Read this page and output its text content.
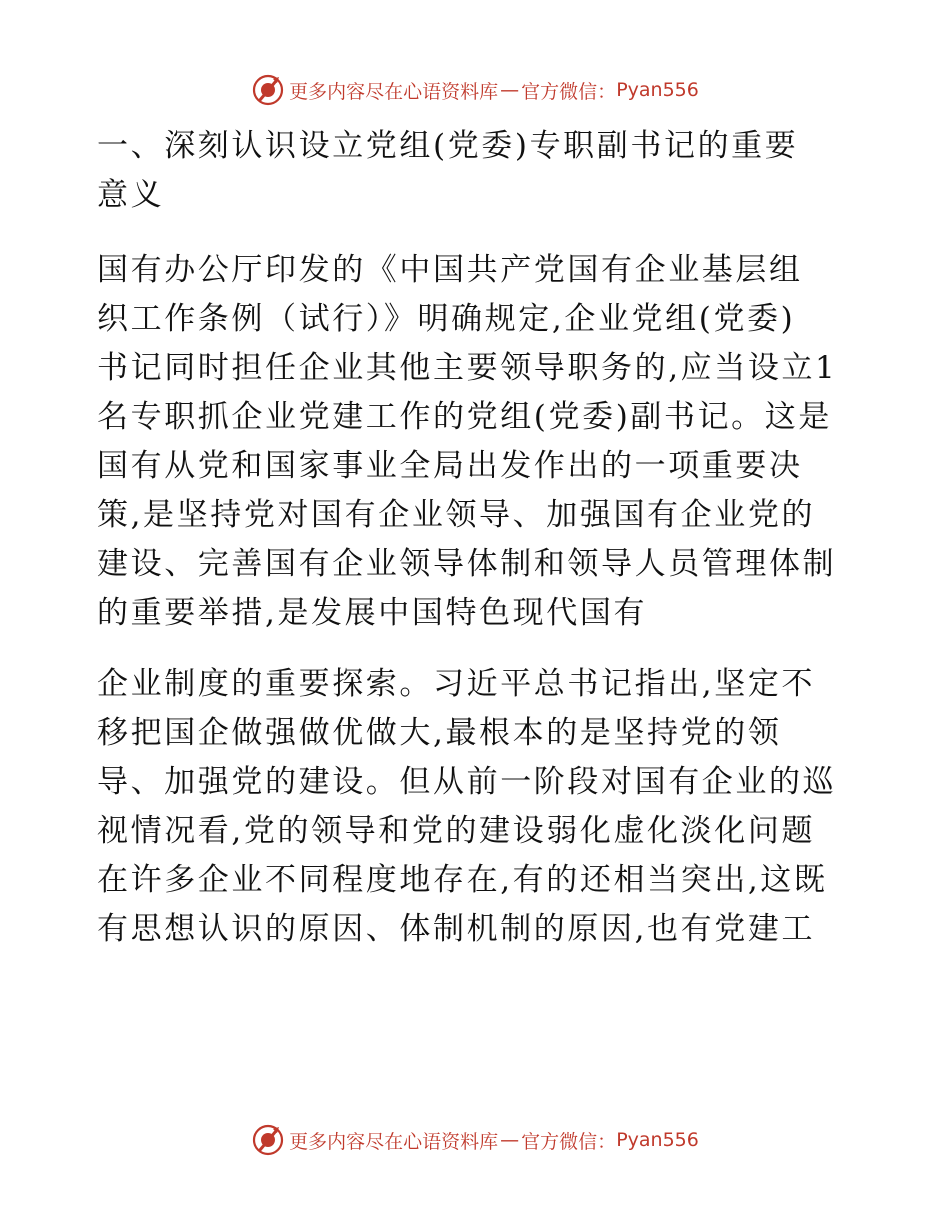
更多内容尽在心语资料库 — 官方微信： Pyan556
一、深刻认识设立党组(党委)专职副书记的重要
意义
国有办公厅印发的《中国共产党国有企业基层组
织工作条例（试行）》明确规定,企业党组(党委)
书记同时担任企业其他主要领导职务的,应当设立1
名专职抓企业党建工作的党组(党委)副书记。这是
国有从党和国家事业全局出发作出的一项重要决
策,是坚持党对国有企业领导、加强国有企业党的
建设、完善国有企业领导体制和领导人员管理体制
的重要举措,是发展中国特色现代国有
企业制度的重要探索。习近平总书记指出,坚定不
移把国企做强做优做大,最根本的是坚持党的领
导、加强党的建设。但从前一阶段对国有企业的巡
视情况看,党的领导和党的建设弱化虚化淡化问题
在许多企业不同程度地存在,有的还相当突出,这既
有思想认识的原因、体制机制的原因,也有党建工
更多内容尽在心语资料库 — 官方微信： Pyan556
